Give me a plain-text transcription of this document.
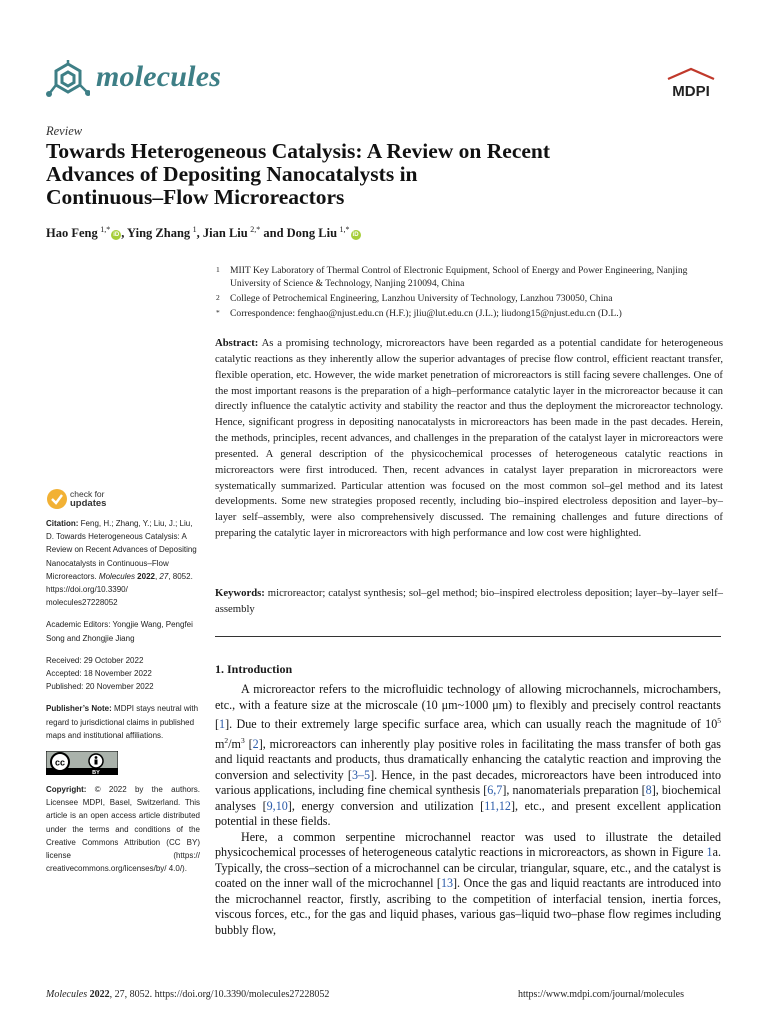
molecules	MDPI
Review
Towards Heterogeneous Catalysis: A Review on Recent
Advances of Depositing Nanocatalysts in
Continuous–Flow Microreactors
Hao Feng  $^{1,*}$iD , Ying Zhang  $^1$, Jian Liu  $^{2,*}$ and Dong Liu  $^{1,*}$iD
1 MIIT Key Laboratory of Thermal Control of Electronic Equipment, School of Energy and Power Engineering, Nanjing University of Science & Technology, Nanjing 210094, China
2 College of Petrochemical Engineering, Lanzhou University of Technology, Lanzhou 730050, China
* Correspondence: fenghao@njust.edu.cn (H.F.); jliu@lut.edu.cn (J.L.); liudong15@njust.edu.cn (D.L.)
Abstract: As a promising technology, microreactors have been regarded as a potential candidate for heterogeneous catalytic reactions as they inherently allow the superior advantages of precise flow control, efficient reactant transfer, flexible operation, etc. However, the wide market penetration of microreactors is still facing severe challenges. One of the most important reasons is the preparation of a high–performance catalytic layer in the microreactor because it can directly influence the catalytic activity and stability the reactor and thus the deployment the microreactor technology. Hence, significant progress in depositing nanocatalysts in microreactors has been made in the past decades. Herein, the methods, principles, recent advances, and challenges in the preparation of the catalyst layer in microreactors were presented. A general description of the physicochemical processes of heterogeneous catalytic reactions in microreactors were first introduced. Then, recent advances in catalyst layer preparation in microreactors were systematically summarized. Particular attention was focused on the most common sol–gel method and its latest developments. Some new strategies proposed recently, including bio–inspired electroless deposition and layer–by–layer self–assembly, were also comprehensively discussed. The remaining challenges and future directions of preparing the catalytic layer in microreactors with high performance and low cost were highlighted.
Keywords: microreactor; catalyst synthesis; sol–gel method; bio–inspired electroless deposition; layer–by–layer self–assembly
check for
updates
Citation: Feng, H.; Zhang, Y.; Liu, J.; Liu, D. Towards Heterogeneous Catalysis: A Review on Recent Advances of Depositing Nanocatalysts in Continuous–Flow Microreactors. Molecules 2022, 27, 8052. https://doi.org/10.3390/ molecules27228052
Academic Editors: Yongjie Wang, Pengfei Song and Zhongjie Jiang
Received: 29 October 2022
Accepted: 18 November 2022
Published: 20 November 2022
Publisher’s Note: MDPI stays neutral with regard to jurisdictional claims in published maps and institutional affiliations.
cc
BY
Copyright: © 2022 by the authors. Licensee MDPI, Basel, Switzerland. This article is an open access article distributed under the terms and conditions of the Creative Commons Attribution (CC BY) license (https:// creativecommons.org/licenses/by/ 4.0/).
1. Introduction

A microreactor refers to the microfluidic technology of allowing microchannels, microchambers, etc., with a feature size at the microscale (10 μm~1000 μm) to flexibly and precisely control reactants [1]. Due to their extremely large specific surface area, which can usually reach the magnitude of $10^5$ $m^2/m^3$ [2], microreactors can inherently play positive roles in facilitating the mass transfer of both gas and liquid reactants and products, thus dramatically enhancing the catalytic reaction and improving the conversion and selectivity [3–5]. Hence, in the past decades, microreactors have been introduced into various applications, including fine chemical synthesis [6,7], nanomaterials preparation [8], biochemical analyses [9,10], energy conversion and utilization [11,12], etc., and present excellent application potential in these fields.

Here, a common serpentine microchannel reactor was used to illustrate the detailed physicochemical processes of heterogeneous catalytic reactions in microreactors, as shown in Figure 1a. Typically, the cross–section of a microchannel can be circular, triangular, square, etc., and the catalyst is coated on the inner wall of the microchannel [13]. Once the gas and liquid reactants are introduced into the microchannel reactor, firstly, ascribing to the competition of interfacial tension, inertia forces, viscous forces, etc., for the gas and liquid phases, various gas–liquid two–phase flow regimes including bubbly flow,

Molecules 2022, 27, 8052. https://doi.org/10.3390/molecules27228052	https://www.mdpi.com/journal/molecules
